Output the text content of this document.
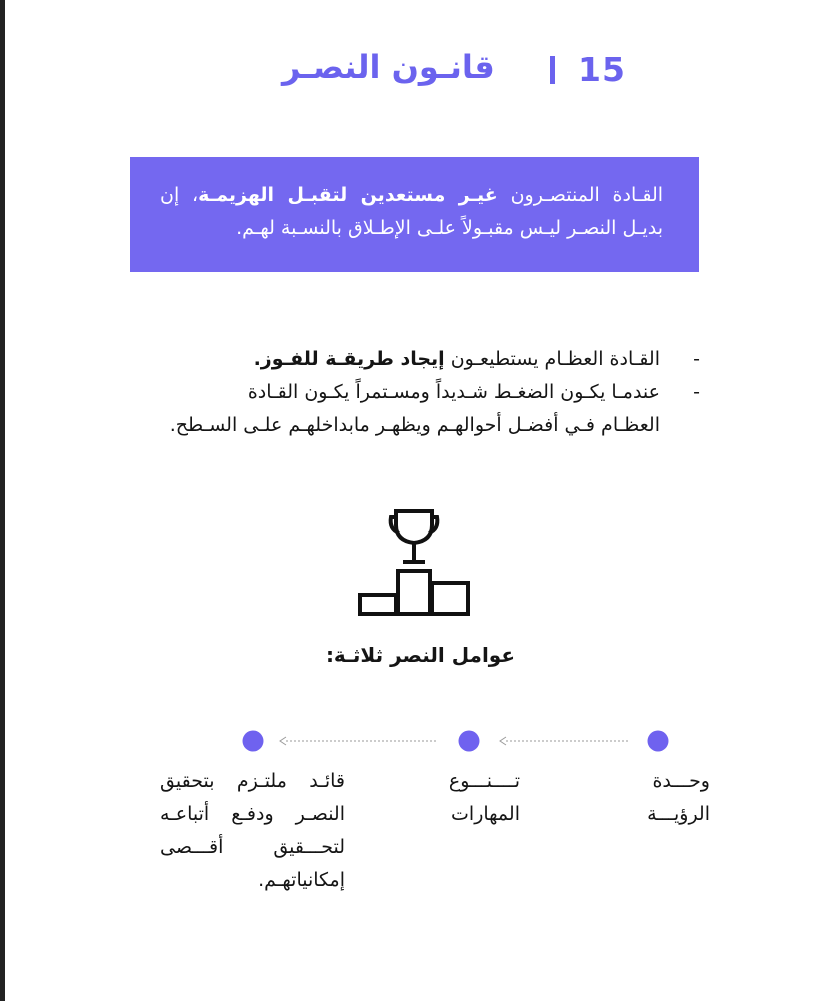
قانـون النصـر	15
القـادة المنتصـرون غيـر مستعدين لتقبـل الهزيمـة، إن بديـل النصـر ليـس مقبـولاً علـى الإطـلاق بالنسـبة لهـم.
-
القـادة العظـام يستطيعـون إيجاد طريقـة للفـوز.
-
عندمـا يكـون الضغـط شـديداً ومسـتمراً يكـون القـادة
العظـام فـي أفضـل أحوالهـم ويظهـر مابداخلهـم علـى السـطح.
عوامل النصر ثلاثـة:
وحـــدة الرؤيـــة
تــــنـــوع المهارات
قائـد ملتـزم بتحقيق النصـر ودفـع أتباعـه لتحـــقيق أقـــصى إمكانياتهـم.
